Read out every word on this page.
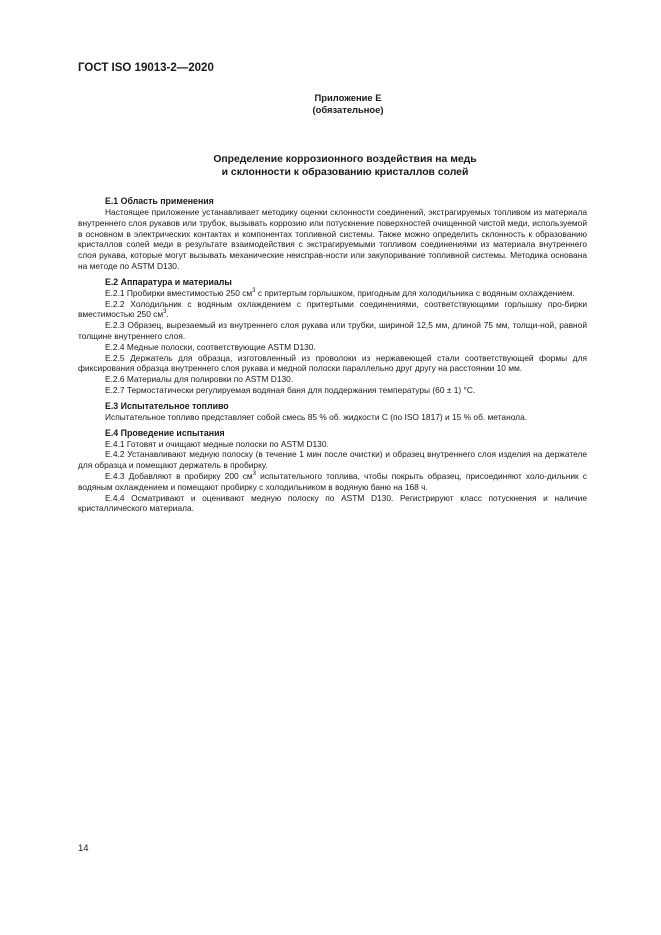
ГОСТ ISO 19013-2—2020
Приложение Е
(обязательное)
Определение коррозионного воздействия на медь
и склонности к образованию кристаллов солей

Е.1 Область применения

Настоящее приложение устанавливает методику оценки склонности соединений, экстрагируемых топливом из материала внутреннего слоя рукавов или трубок, вызывать коррозию или потускнение поверхностей очищенной чистой меди, используемой в основном в электрических контактах и компонентах топливной системы. Также можно определить склонность к образованию кристаллов солей меди в результате взаимодействия с экстрагируемыми топливом соединениями из материала внутреннего слоя рукава, которые могут вызывать механические неисправ-ности или закупоривание топливной системы. Методика основана на методе по ASTM D130.

Е.2 Аппаратура и материалы

Е.2.1 Пробирки вместимостью 250 $см^3$ с притертым горлышком, пригодным для холодильника с водяным охлаждением.

Е.2.2 Холодильник с водяным охлаждением с притертыми соединениями, соответствующими горлышку про-бирки вместимостью 250 $см^3$.

Е.2.3 Образец, вырезаемый из внутреннего слоя рукава или трубки, шириной 12,5 мм, длиной 75 мм, толщи-ной, равной толщине внутреннего слоя.

Е.2.4 Медные полоски, соответствующие ASTM D130.

Е.2.5 Держатель для образца, изготовленный из проволоки из нержавеющей стали соответствующей формы для фиксирования образца внутреннего слоя рукава и медной полоски параллельно друг другу на расстоянии 10 мм.

Е.2.6 Материалы для полировки по ASTM D130.

Е.2.7 Термостатически регулируемая водяная баня для поддержания температуры (60 ± 1) °С.

Е.3 Испытательное топливо

Испытательное топливо представляет собой смесь 85 % об. жидкости С (по ISO 1817) и 15 % об. метанола.

Е.4 Проведение испытания

Е.4.1 Готовят и очищают медные полоски по ASTM D130.

Е.4.2 Устанавливают медную полоску (в течение 1 мин после очистки) и образец внутреннего слоя изделия на держателе для образца и помещают держатель в пробирку.

Е.4.3 Добавляют в пробирку 200 $см^3$ испытательного топлива, чтобы покрыть образец, присоединяют холо-дильник с водяным охлаждением и помещают пробирку с холодильником в водяную баню на 168 ч.

Е.4.4 Осматривают и оценивают медную полоску по ASTM D130. Регистрируют класс потускнения и наличие кристаллического материала.

14
